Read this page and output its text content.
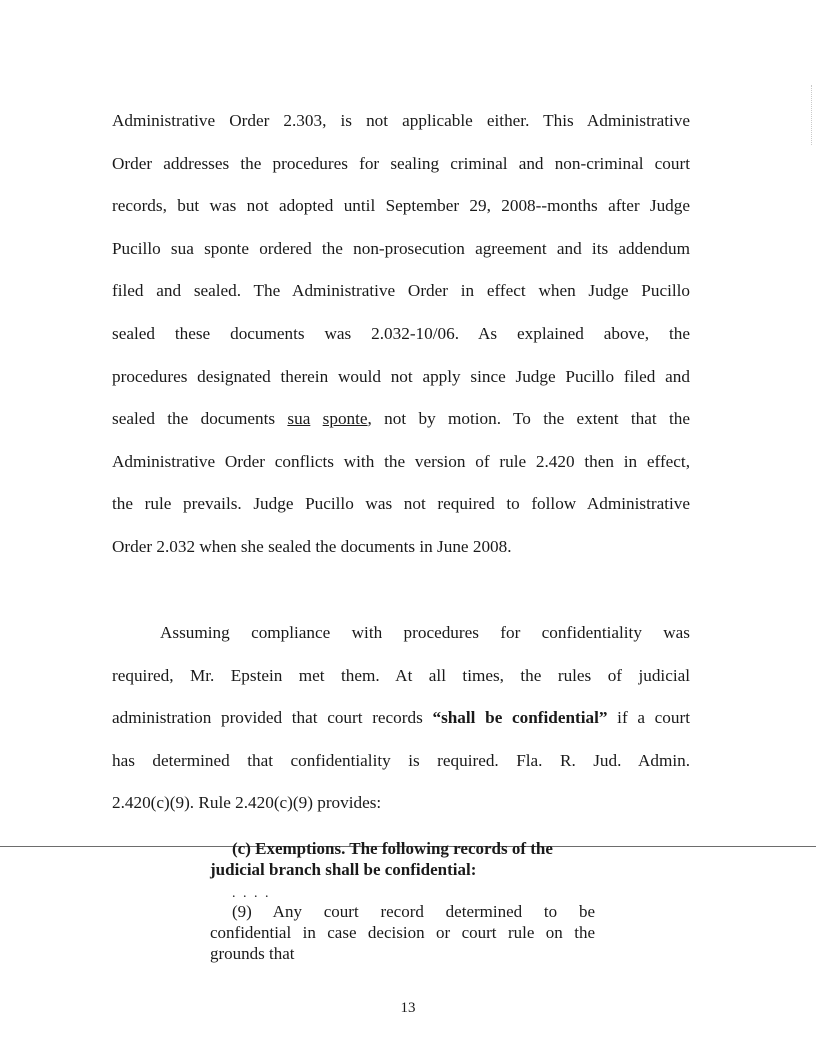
Administrative Order 2.303, is not applicable either. This Administrative
Order addresses the procedures for sealing criminal and non-criminal court
records, but was not adopted until September 29, 2008--months after Judge
Pucillo sua sponte ordered the non-prosecution agreement and its addendum
filed and sealed. The Administrative Order in effect when Judge Pucillo
sealed these documents was 2.032-10/06. As explained above, the
procedures designated therein would not apply since Judge Pucillo filed and
sealed the documents sua sponte, not by motion. To the extent that the
Administrative Order conflicts with the version of rule 2.420 then in effect,
the rule prevails. Judge Pucillo was not required to follow Administrative
Order 2.032 when she sealed the documents in June 2008.
Assuming compliance with procedures for confidentiality was
required, Mr. Epstein met them. At all times, the rules of judicial
administration provided that court records “shall be confidential” if a court
has determined that confidentiality is required. Fla. R. Jud. Admin.
2.420(c)(9). Rule 2.420(c)(9) provides:
(c) Exemptions. The following records of the
judicial branch shall be confidential:
. . . .
(9) Any court record determined to be
confidential in case decision or court rule on the
grounds that
13
